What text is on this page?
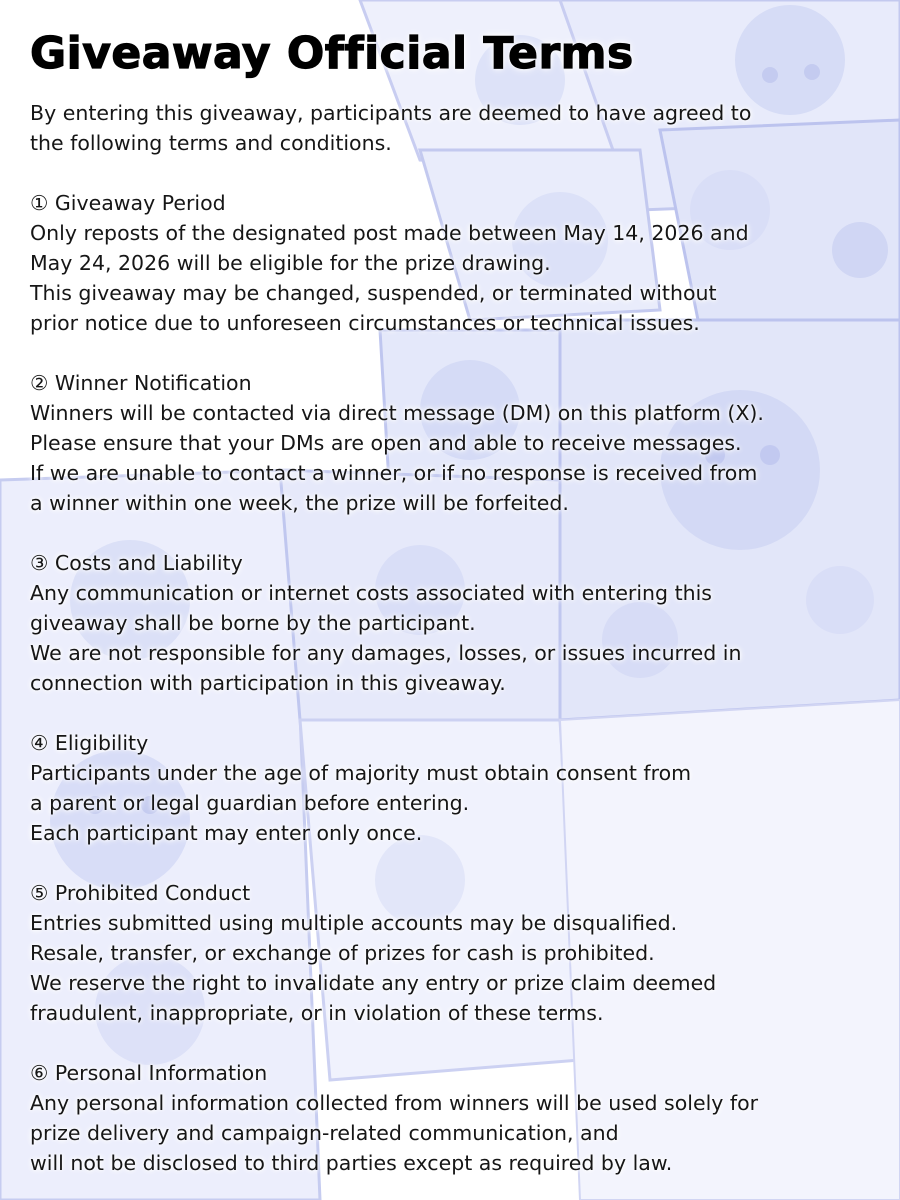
Giveaway Official Terms
By entering this giveaway, participants are deemed to have agreed to
the following terms and conditions.
① Giveaway Period
Only reposts of the designated post made between May 14, 2026 and
May 24, 2026 will be eligible for the prize drawing.
This giveaway may be changed, suspended, or terminated without
prior notice due to unforeseen circumstances or technical issues.
② Winner Notification
Winners will be contacted via direct message (DM) on this platform (X).
Please ensure that your DMs are open and able to receive messages.
If we are unable to contact a winner, or if no response is received from
a winner within one week, the prize will be forfeited.
③ Costs and Liability
Any communication or internet costs associated with entering this
giveaway shall be borne by the participant.
We are not responsible for any damages, losses, or issues incurred in
connection with participation in this giveaway.
④ Eligibility
Participants under the age of majority must obtain consent from
a parent or legal guardian before entering.
Each participant may enter only once.
⑤ Prohibited Conduct
Entries submitted using multiple accounts may be disqualified.
Resale, transfer, or exchange of prizes for cash is prohibited.
We reserve the right to invalidate any entry or prize claim deemed
fraudulent, inappropriate, or in violation of these terms.
⑥ Personal Information
Any personal information collected from winners will be used solely for
prize delivery and campaign-related communication, and
will not be disclosed to third parties except as required by law.
